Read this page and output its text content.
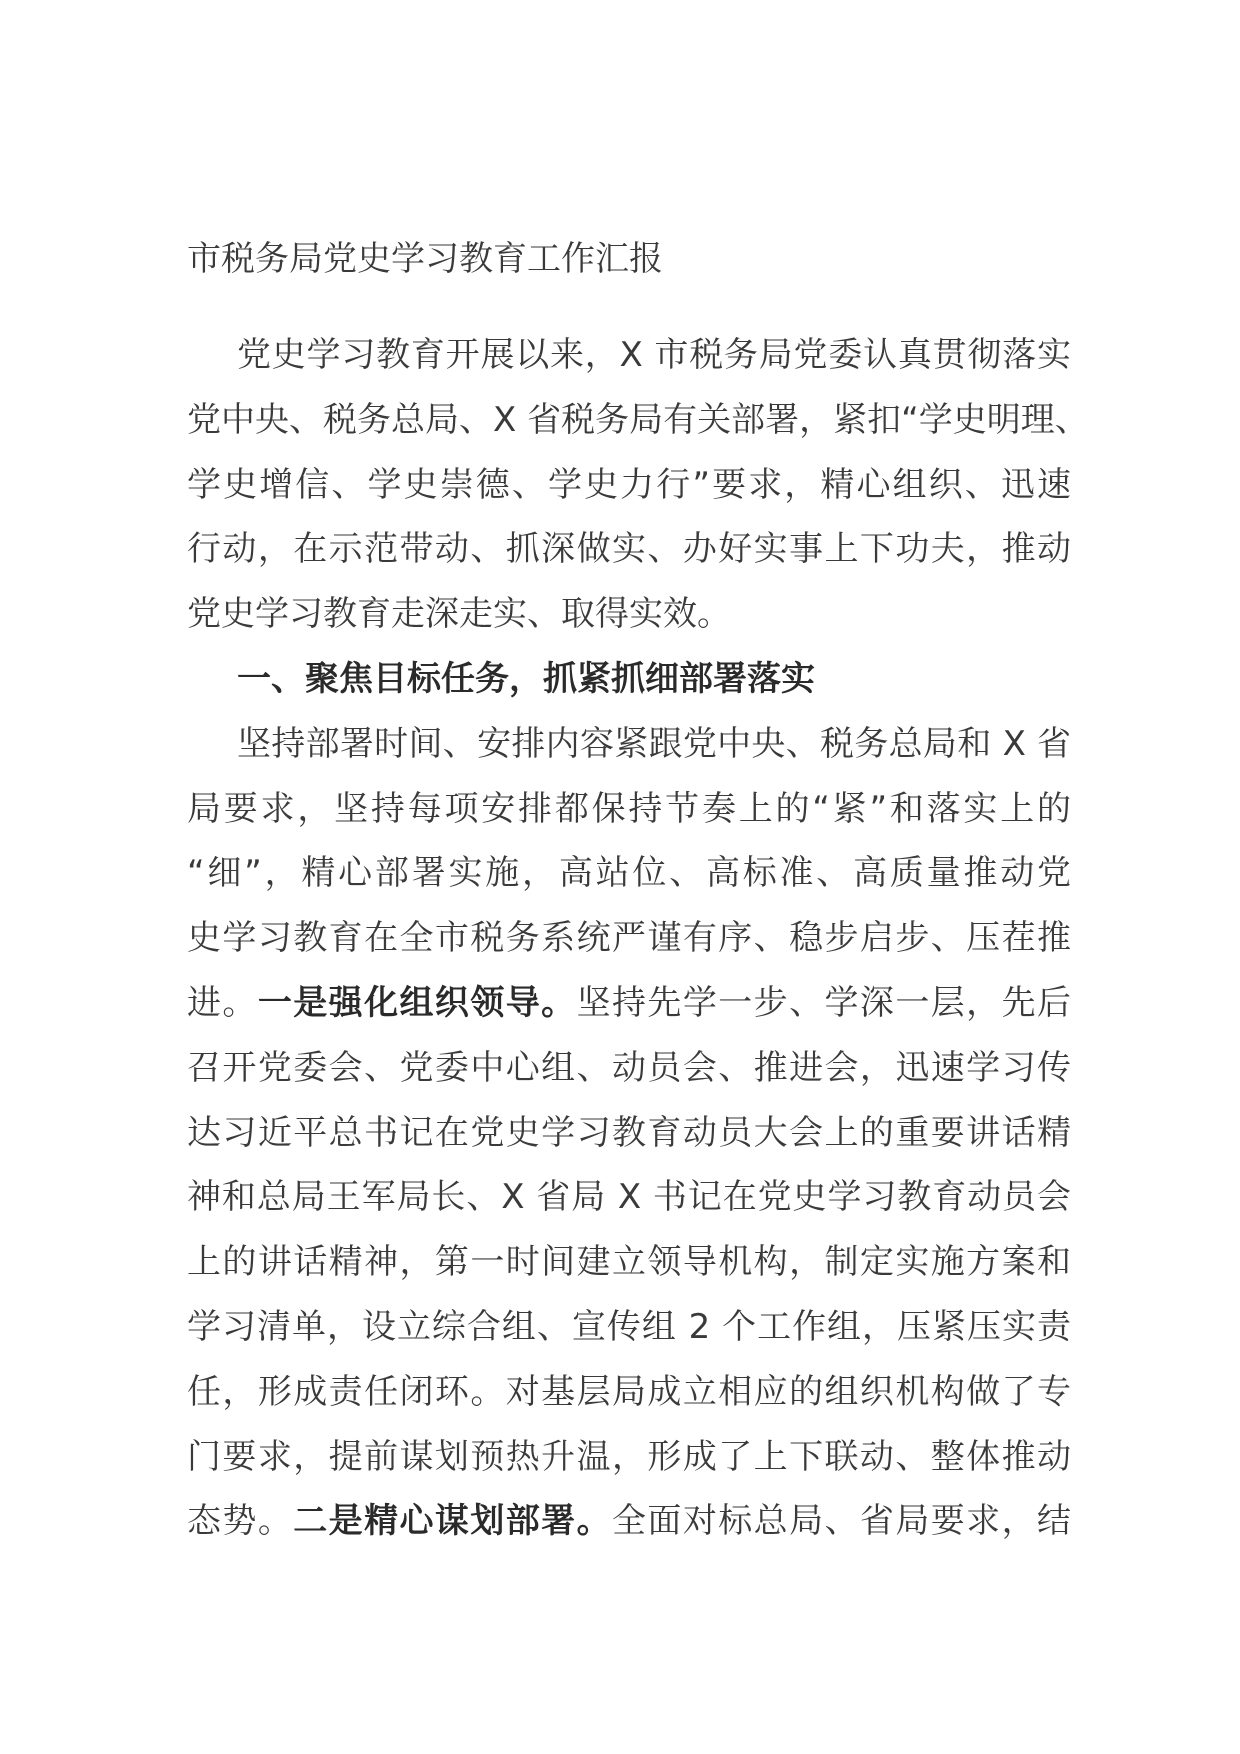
市税务局党史学习教育工作汇报
党史学习教育开展以来，X 市税务局党委认真贯彻落实
党中央、税务总局、X 省税务局有关部署，紧扣“学史明理、
学史增信、学史崇德、学史力行”要求，精心组织、迅速
行动，在示范带动、抓深做实、办好实事上下功夫，推动
党史学习教育走深走实、取得实效。
一、聚焦目标任务，抓紧抓细部署落实
坚持部署时间、安排内容紧跟党中央、税务总局和 X 省
局要求，坚持每项安排都保持节奏上的“紧”和落实上的
“细”，精心部署实施，高站位、高标准、高质量推动党
史学习教育在全市税务系统严谨有序、稳步启步、压茬推
进。一是强化组织领导。坚持先学一步、学深一层，先后
召开党委会、党委中心组、动员会、推进会，迅速学习传
达习近平总书记在党史学习教育动员大会上的重要讲话精
神和总局王军局长、X 省局 X 书记在党史学习教育动员会
上的讲话精神，第一时间建立领导机构，制定实施方案和
学习清单，设立综合组、宣传组 2 个工作组，压紧压实责
任，形成责任闭环。对基层局成立相应的组织机构做了专
门要求，提前谋划预热升温，形成了上下联动、整体推动
态势。二是精心谋划部署。全面对标总局、省局要求，结
